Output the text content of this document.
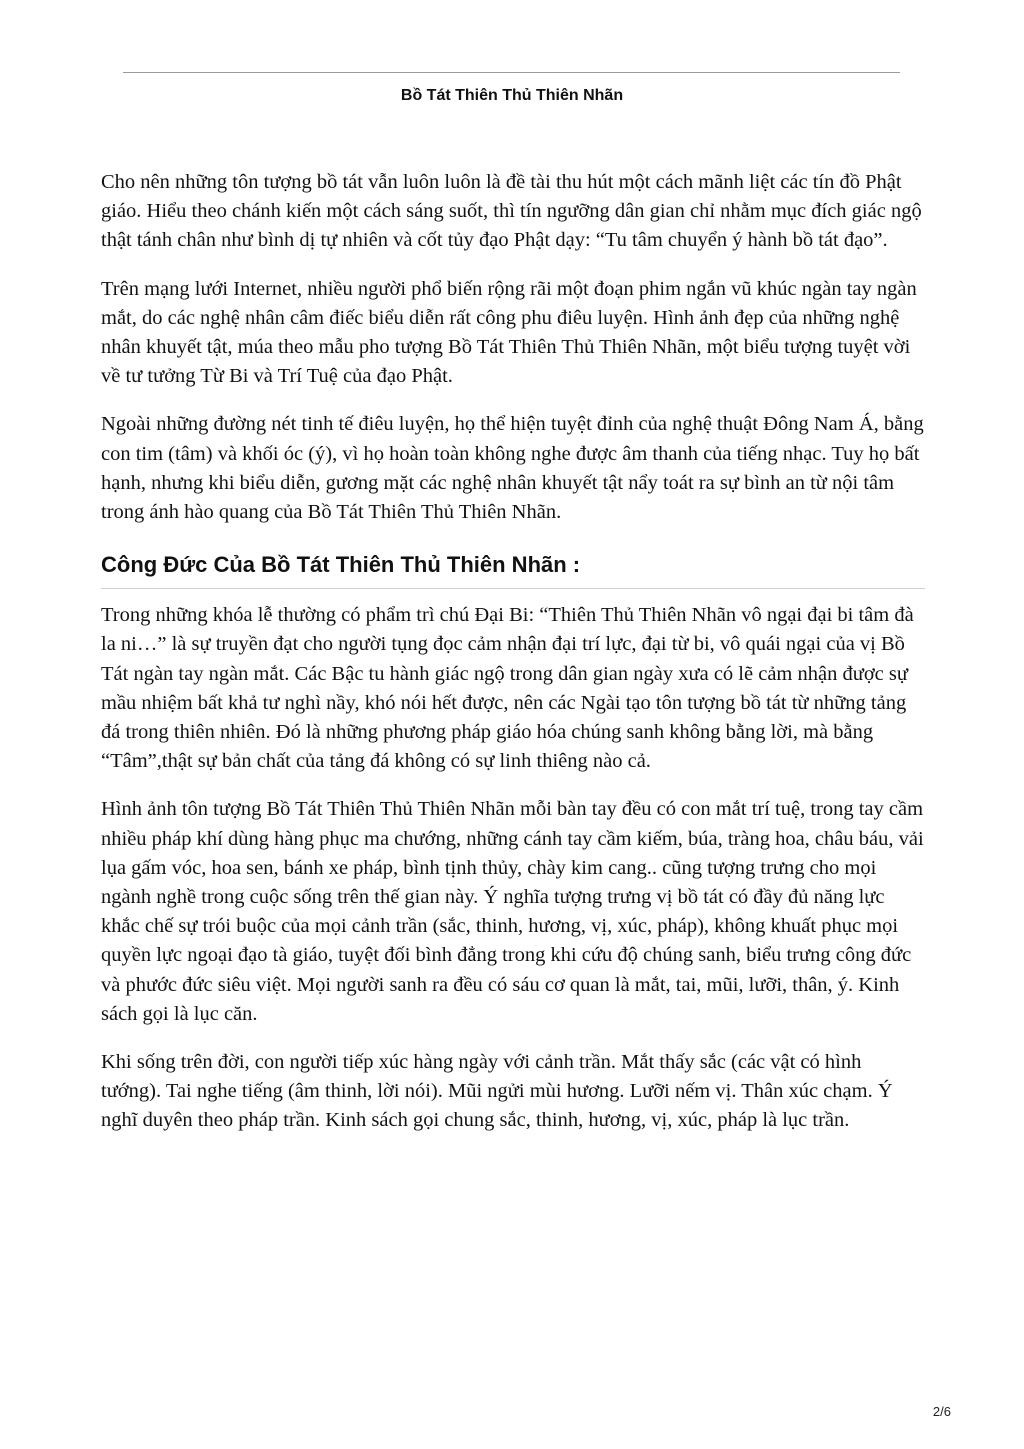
Bồ Tát Thiên Thủ Thiên Nhãn

Cho nên những tôn tượng bồ tát vẫn luôn luôn là đề tài thu hút một cách mãnh liệt các tín đồ Phật giáo. Hiểu theo chánh kiến một cách sáng suốt, thì tín ngưỡng dân gian chỉ nhằm mục đích giác ngộ thật tánh chân như bình dị tự nhiên và cốt tủy đạo Phật dạy: “Tu tâm chuyển ý hành bồ tát đạo”.

Trên mạng lưới Internet, nhiều người phổ biến rộng rãi một đoạn phim ngắn vũ khúc ngàn tay ngàn mắt, do các nghệ nhân câm điếc biểu diễn rất công phu điêu luyện. Hình ảnh đẹp của những nghệ nhân khuyết tật, múa theo mẫu pho tượng Bồ Tát Thiên Thủ Thiên Nhãn, một biểu tượng tuyệt vời về tư tưởng Từ Bi và Trí Tuệ của đạo Phật.

Ngoài những đường nét tinh tế điêu luyện, họ thể hiện tuyệt đỉnh của nghệ thuật Đông Nam Á, bằng con tim (tâm) và khối óc (ý), vì họ hoàn toàn không nghe được âm thanh của tiếng nhạc. Tuy họ bất hạnh, nhưng khi biểu diễn, gương mặt các nghệ nhân khuyết tật nẩy toát ra sự bình an từ nội tâm trong ánh hào quang của Bồ Tát Thiên Thủ Thiên Nhãn.

Công Đức Của Bồ Tát Thiên Thủ Thiên Nhãn :

Trong những khóa lễ thường có phẩm trì chú Đại Bi: “Thiên Thủ Thiên Nhãn vô ngại đại bi tâm đà la ni…” là sự truyền đạt cho người tụng đọc cảm nhận đại trí lực, đại từ bi, vô quái ngại của vị Bồ Tát ngàn tay ngàn mắt. Các Bậc tu hành giác ngộ trong dân gian ngày xưa có lẽ cảm nhận được sự mầu nhiệm bất khả tư nghì nầy, khó nói hết được, nên các Ngài tạo tôn tượng bồ tát từ những tảng đá trong thiên nhiên. Đó là những phương pháp giáo hóa chúng sanh không bằng lời, mà bằng “Tâm”,thật sự bản chất của tảng đá không có sự linh thiêng nào cả.

Hình ảnh tôn tượng Bồ Tát Thiên Thủ Thiên Nhãn mỗi bàn tay đều có con mắt trí tuệ, trong tay cầm nhiều pháp khí dùng hàng phục ma chướng, những cánh tay cầm kiếm, búa, tràng hoa, châu báu, vải lụa gấm vóc, hoa sen, bánh xe pháp, bình tịnh thủy, chày kim cang.. cũng tượng trưng cho mọi ngành nghề trong cuộc sống trên thế gian này. Ý nghĩa tượng trưng vị bồ tát có đầy đủ năng lực khắc chế sự trói buộc của mọi cảnh trần (sắc, thinh, hương, vị, xúc, pháp), không khuất phục mọi quyền lực ngoại đạo tà giáo, tuyệt đối bình đẳng trong khi cứu độ chúng sanh, biểu trưng công đức và phước đức siêu việt. Mọi người sanh ra đều có sáu cơ quan là mắt, tai, mũi, lưỡi, thân, ý. Kinh sách gọi là lục căn.

Khi sống trên đời, con người tiếp xúc hàng ngày với cảnh trần. Mắt thấy sắc (các vật có hình tướng). Tai nghe tiếng (âm thinh, lời nói). Mũi ngửi mùi hương. Lưỡi nếm vị. Thân xúc chạm. Ý nghĩ duyên theo pháp trần. Kinh sách gọi chung sắc, thinh, hương, vị, xúc, pháp là lục trần.

2/6
